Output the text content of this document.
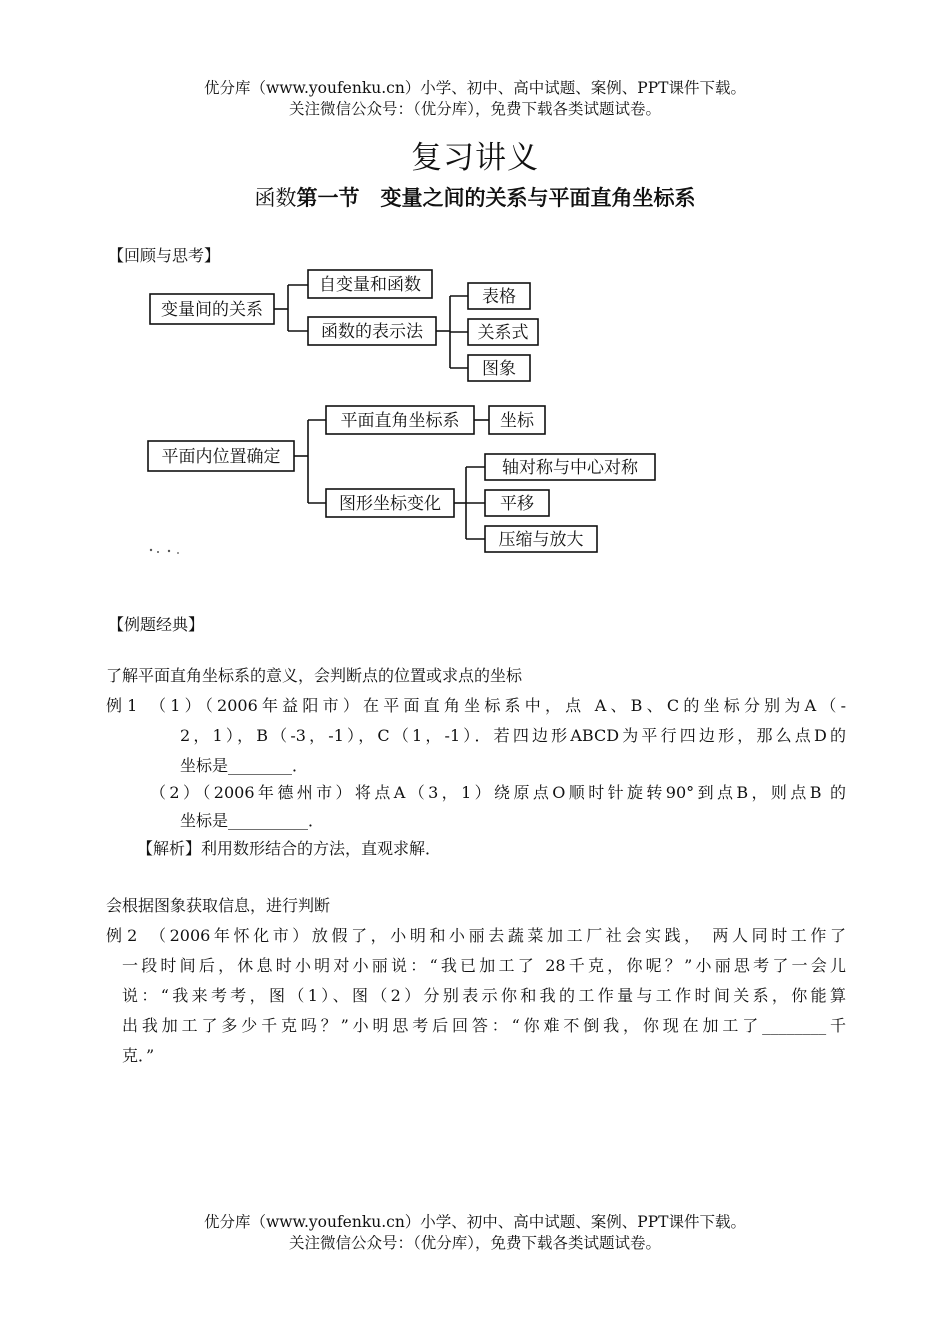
优分库（www.youfenku.cn）小学、初中、高中试题、案例、PPT课件下载。
关注微信公众号：（优分库），免费下载各类试题试卷。
复习讲义
函数第一节　变量之间的关系与平面直角坐标系
【回顾与思考】
变量间的关系
自变量和函数
函数的表示法
表格
关系式
图象
平面内位置确定
平面直角坐标系
图形坐标变化
坐标
轴对称与中心对称
平移
压缩与放大
【例题经典】
了解平面直角坐标系的意义，会判断点的位置或求点的坐标
例 1 （1）（2006年益阳市）在平面直角坐标系中，点 A、B、C的坐标分别为A（-
2，1），B（-3，-1），C（1，-1）．若四边形ABCD为平行四边形，那么点D的
坐标是________．
（2）（2006年德州市）将点A（3，1）绕原点O顺时针旋转90°到点B，则点B 的
坐标是__________．
【解析】利用数形结合的方法，直观求解．
会根据图象获取信息，进行判断
例 2 （2006年怀化市）放假了，小明和小丽去蔬菜加工厂社会实践， 两人同时工作了
一段时间后，休息时小明对小丽说：“我已加工了 28千克，你呢？”小丽思考了一会儿
说：“我来考考，图（1）、图（2）分别表示你和我的工作量与工作时间关系，你能算
出我加工了多少千克吗？”小明思考后回答：“你难不倒我，你现在加工了________千
克．”
优分库（www.youfenku.cn）小学、初中、高中试题、案例、PPT课件下载。
关注微信公众号：（优分库），免费下载各类试题试卷。
